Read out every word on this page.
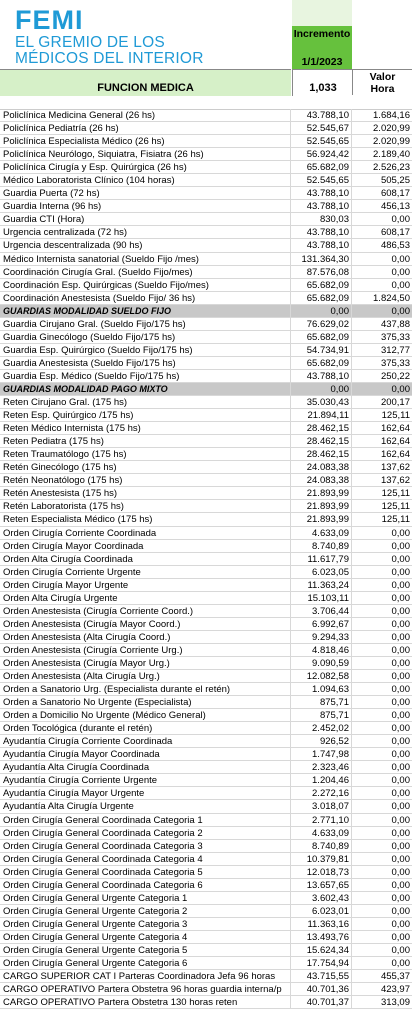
FEMI
EL GREMIO DE LOS
MÉDICOS DEL INTERIOR
Incremento
1/1/2023
FUNCION MEDICA	1,033
Valor
Hora
Policlínica Medicina General (26 hs)	43.788,10	1.684,16
Policlínica Pediatría (26 hs)	52.545,67	2.020,99
Policlínica Especialista Médico (26 hs)	52.545,65	2.020,99
Policlínica Neurólogo, Siquiatra, Fisiatra (26 hs)	56.924,42	2.189,40
Policlínica Cirugía y Esp. Quirúrgica (26 hs)	65.682,09	2.526,23
Médico Laboratorista Clínico (104 horas)	52.545,65	505,25
Guardia Puerta (72 hs)	43.788,10	608,17
Guardia Interna (96 hs)	43.788,10	456,13
Guardia CTI (Hora)	830,03	0,00
Urgencia centralizada (72 hs)	43.788,10	608,17
Urgencia descentralizada (90 hs)	43.788,10	486,53
Médico Internista sanatorial (Sueldo Fijo /mes)	131.364,30	0,00
Coordinación Cirugía Gral. (Sueldo Fijo/mes)	87.576,08	0,00
Coordinación Esp. Quirúrgicas (Sueldo Fijo/mes)	65.682,09	0,00
Coordinación Anestesista (Sueldo Fijo/ 36 hs)	65.682,09	1.824,50
GUARDIAS MODALIDAD SUELDO FIJO	0,00	0,00
Guardia Cirujano Gral. (Sueldo Fijo/175 hs)	76.629,02	437,88
Guardia Ginecólogo (Sueldo Fijo/175 hs)	65.682,09	375,33
Guardia Esp. Quirúrgico (Sueldo Fijo/175 hs)	54.734,91	312,77
Guardia Anestesista (Sueldo Fijo/175 hs)	65.682,09	375,33
Guardia Esp. Médico (Sueldo Fijo/175 hs)	43.788,10	250,22
GUARDIAS MODALIDAD PAGO MIXTO	0,00	0,00
Reten Cirujano Gral. (175 hs)	35.030,43	200,17
Reten Esp. Quirúrgico /175 hs)	21.894,11	125,11
Reten Médico Internista (175 hs)	28.462,15	162,64
Reten Pediatra (175 hs)	28.462,15	162,64
Reten Traumatólogo (175 hs)	28.462,15	162,64
Retén Ginecólogo (175 hs)	24.083,38	137,62
Retén Neonatólogo (175 hs)	24.083,38	137,62
Retén Anestesista (175 hs)	21.893,99	125,11
Retén Laboratorista (175 hs)	21.893,99	125,11
Reten Especialista Médico (175 hs)	21.893,99	125,11
Orden Cirugía Corriente Coordinada	4.633,09	0,00
Orden Cirugía Mayor Coordinada	8.740,89	0,00
Orden Alta Cirugía Coordinada	11.617,79	0,00
Orden Cirugía Corriente Urgente	6.023,05	0,00
Orden Cirugía Mayor Urgente	11.363,24	0,00
Orden Alta Cirugía Urgente	15.103,11	0,00
Orden Anestesista (Cirugía Corriente Coord.)	3.706,44	0,00
Orden Anestesista (Cirugía Mayor Coord.)	6.992,67	0,00
Orden Anestesista (Alta Cirugía Coord.)	9.294,33	0,00
Orden Anestesista (Cirugía Corriente Urg.)	4.818,46	0,00
Orden Anestesista (Cirugía Mayor Urg.)	9.090,59	0,00
Orden Anestesista (Alta Cirugía Urg.)	12.082,58	0,00
Orden a Sanatorio Urg. (Especialista durante el retén)	1.094,63	0,00
Orden a Sanatorio No Urgente (Especialista)	875,71	0,00
Orden a Domicilio No Urgente (Médico General)	875,71	0,00
Orden Tocológica (durante el retén)	2.452,02	0,00
Ayudantía Cirugía Corriente Coordinada	926,52	0,00
Ayudantía Cirugía Mayor Coordinada	1.747,98	0,00
Ayudantía Alta Cirugía Coordinada	2.323,46	0,00
Ayudantía Cirugía Corriente Urgente	1.204,46	0,00
Ayudantía Cirugía Mayor Urgente	2.272,16	0,00
Ayudantía Alta Cirugía Urgente	3.018,07	0,00
Orden Cirugía General Coordinada Categoria 1	2.771,10	0,00
Orden Cirugía General Coordinada Categoria 2	4.633,09	0,00
Orden Cirugía General Coordinada Categoria 3	8.740,89	0,00
Orden Cirugía General Coordinada Categoria 4	10.379,81	0,00
Orden Cirugía General Coordinada Categoria 5	12.018,73	0,00
Orden Cirugía General Coordinada Categoria 6	13.657,65	0,00
Orden Cirugía General Urgente Categoria 1	3.602,43	0,00
Orden Cirugía General Urgente Categoria 2	6.023,01	0,00
Orden Cirugía General Urgente Categoria 3	11.363,16	0,00
Orden Cirugía General Urgente Categoria 4	13.493,76	0,00
Orden Cirugía General Urgente Categoria 5	15.624,34	0,00
Orden Cirugía General Urgente Categoria 6	17.754,94	0,00
CARGO SUPERIOR CAT I Parteras Coordinadora Jefa 96 horas	43.715,55	455,37
CARGO OPERATIVO Partera Obstetra 96 horas guardia interna/p	40.701,36	423,97
CARGO OPERATIVO Partera Obstetra 130 horas reten	40.701,37	313,09
